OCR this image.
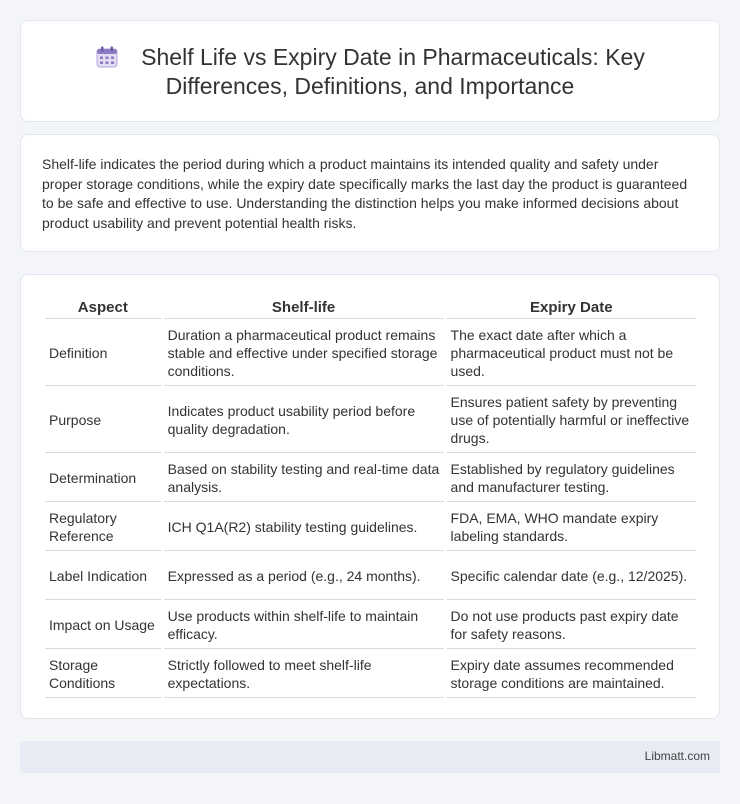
Shelf Life vs Expiry Date in Pharmaceuticals: Key Differences, Definitions, and Importance

Shelf-life indicates the period during which a product maintains its intended quality and safety under proper storage conditions, while the expiry date specifically marks the last day the product is guaranteed to be safe and effective to use. Understanding the distinction helps you make informed decisions about product usability and prevent potential health risks.

Aspect	Shelf-life	Expiry Date
Definition	Duration a pharmaceutical product remains stable and effective under specified storage conditions.	The exact date after which a pharmaceutical product must not be used.
Purpose	Indicates product usability period before quality degradation.	Ensures patient safety by preventing use of potentially harmful or ineffective drugs.
Determination	Based on stability testing and real-time data analysis.	Established by regulatory guidelines and manufacturer testing.
Regulatory Reference	ICH Q1A(R2) stability testing guidelines.	FDA, EMA, WHO mandate expiry labeling standards.
Label Indication	Expressed as a period (e.g., 24 months).	Specific calendar date (e.g., 12/2025).
Impact on Usage	Use products within shelf-life to maintain efficacy.	Do not use products past expiry date for safety reasons.
Storage Conditions	Strictly followed to meet shelf-life expectations.	Expiry date assumes recommended storage conditions are maintained.
Libmatt.com
